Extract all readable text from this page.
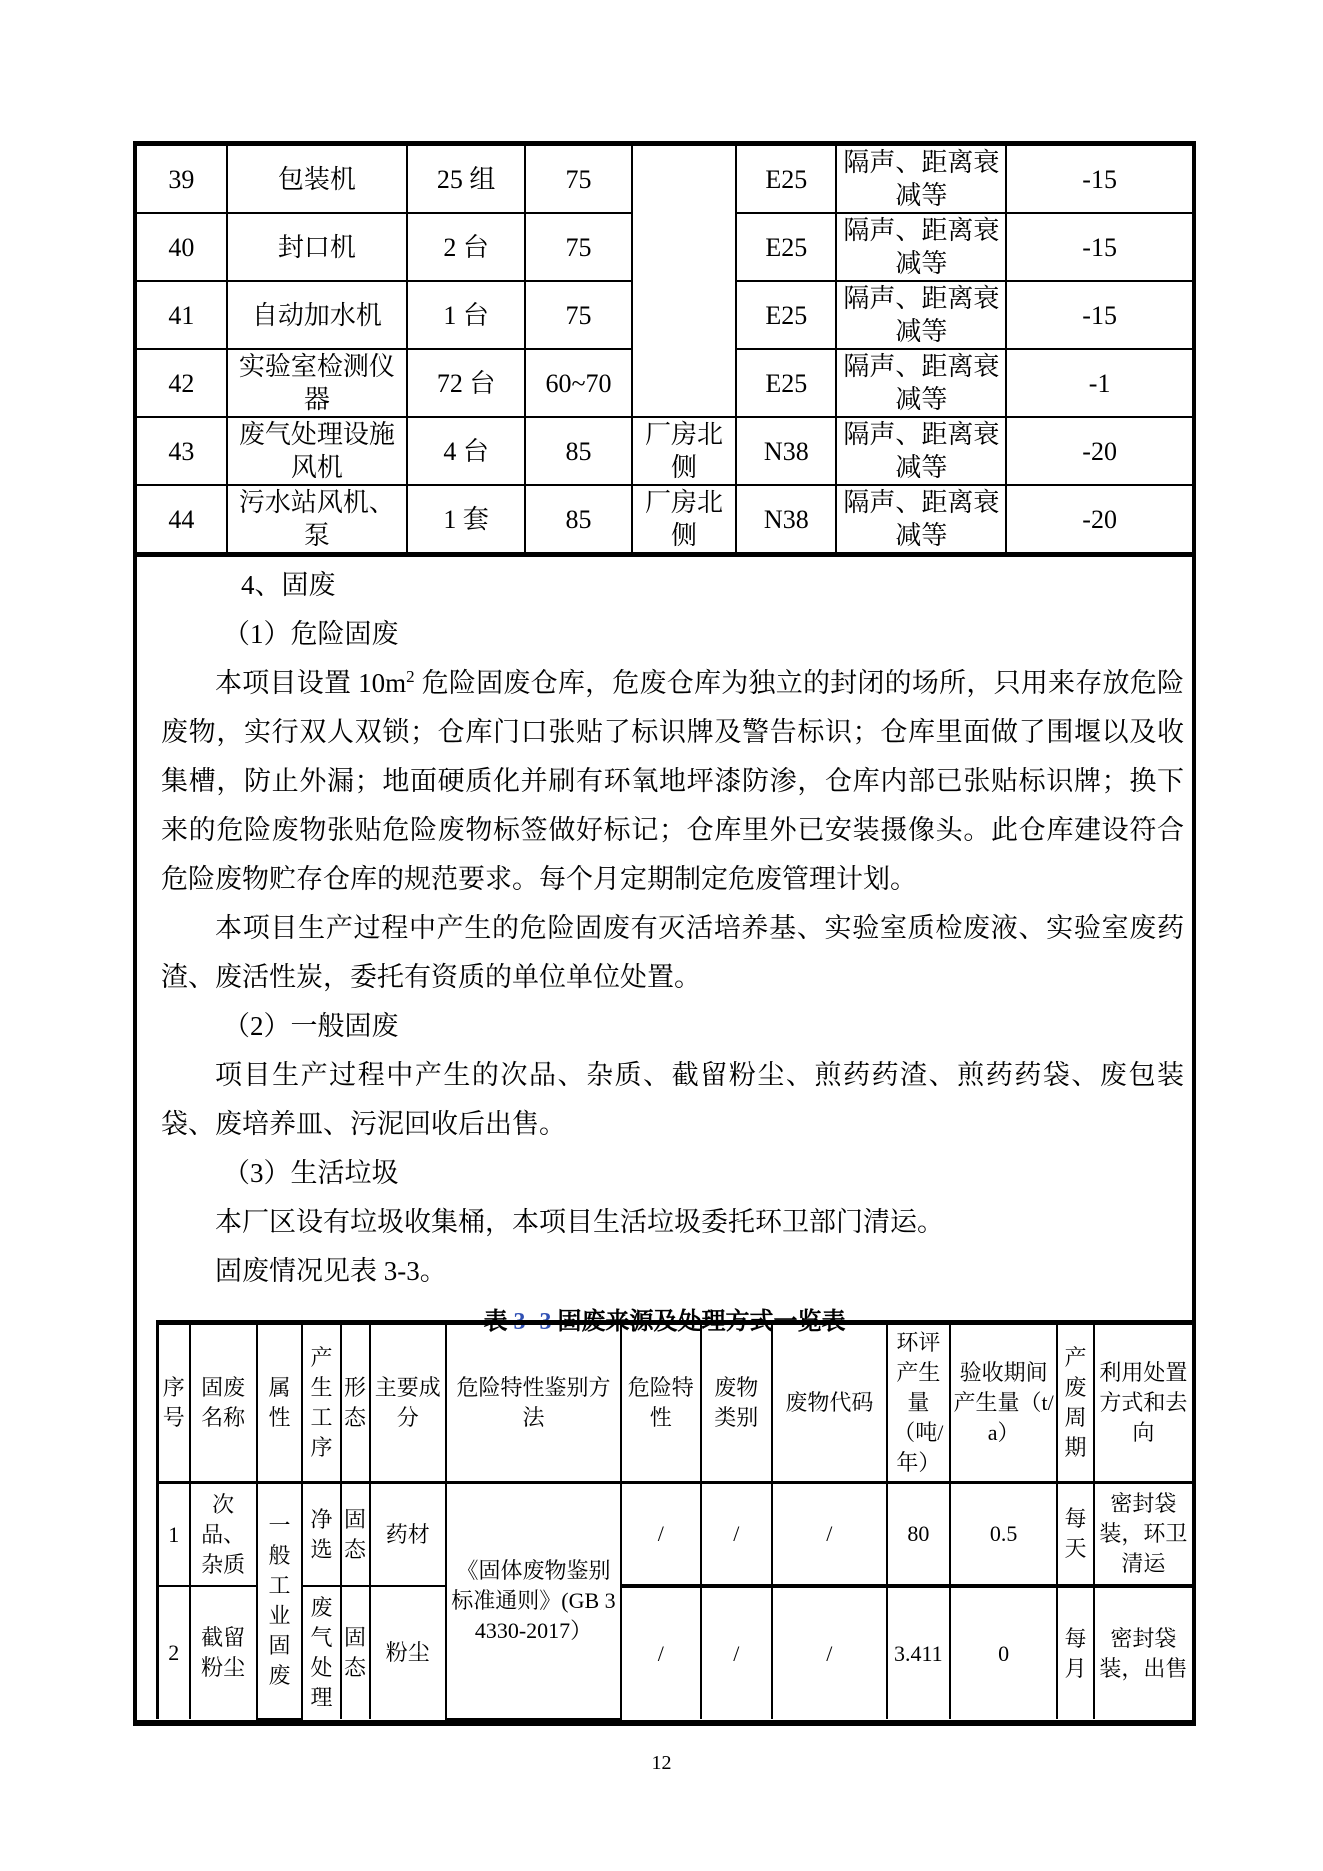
39	包装机	25 组	75		E25	隔声、距离衰减等	-15
40	封口机	2 台	75		E25	隔声、距离衰减等	-15
41	自动加水机	1 台	75		E25	隔声、距离衰减等	-15
42	实验室检测仪器	72 台	60~70		E25	隔声、距离衰减等	-1
43	废气处理设施风机	4 台	85	厂房北侧	N38	隔声、距离衰减等	-20
44	污水站风机、泵	1 套	85	厂房北侧	N38	隔声、距离衰减等	-20

4、固废

（1）危险固废

本项目设置 $10m^2$ 危险固废仓库，危废仓库为独立的封闭的场所，只用来存放危险废物，实行双人双锁；仓库门口张贴了标识牌及警告标识；仓库里面做了围堰以及收集槽，防止外漏；地面硬质化并刷有环氧地坪漆防渗，仓库内部已张贴标识牌；换下来的危险废物张贴危险废物标签做好标记；仓库里外已安装摄像头。此仓库建设符合危险废物贮存仓库的规范要求。每个月定期制定危废管理计划。

本项目生产过程中产生的危险固废有灭活培养基、实验室质检废液、实验室废药渣、废活性炭，委托有资质的单位单位处置。

（2）一般固废

项目生产过程中产生的次品、杂质、截留粉尘、煎药药渣、煎药药袋、废包装袋、废培养皿、污泥回收后出售。

（3）生活垃圾

本厂区设有垃圾收集桶，本项目生活垃圾委托环卫部门清运。

固废情况见表 3-3。

表 3- 3 固废来源及处理方式一览表
序号	固废名称	属性	产生工序	形态	主要成分	危险特性鉴别方法	危险特性	废物类别	废物代码	环评产生量（吨/年）	验收期间产生量（t/a）	产废周期	利用处置方式和去向
1	次品、杂质	一般工业固废	净选	固态	药材	《固体废物鉴别标准通则》(GB 34330-2017）	/	/	/	80	0.5	每天	密封袋装，环卫清运
2	截留粉尘		废气处理	固态	粉尘		/	/	/	3.411	0	每月	密封袋装，出售
12
